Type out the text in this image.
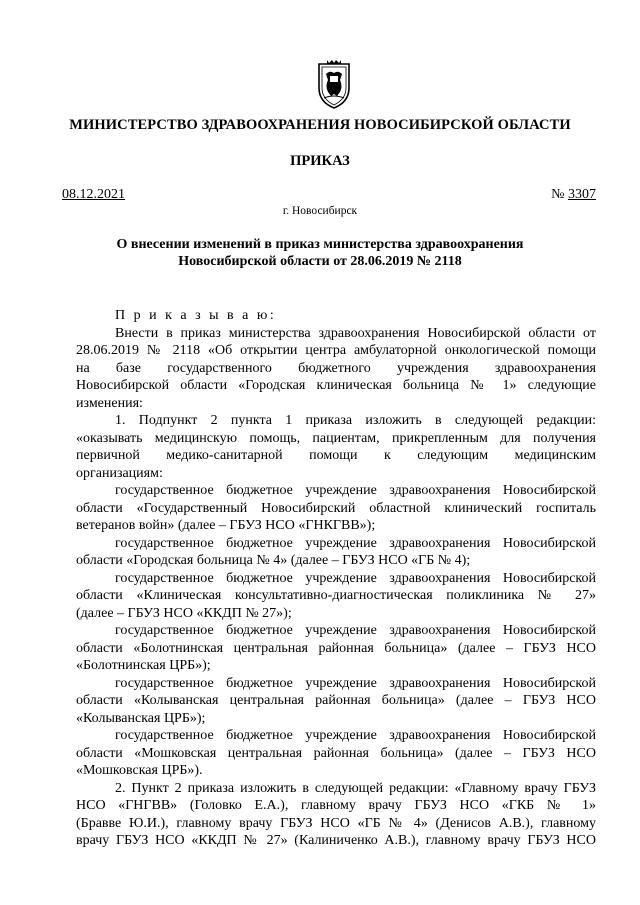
МИНИСТЕРСТВО ЗДРАВООХРАНЕНИЯ НОВОСИБИРСКОЙ ОБЛАСТИ
ПРИКАЗ
08.12.2021	№ 3307
г. Новосибирск
О внесении изменений в приказ министерства здравоохранения
Новосибирской области от 28.06.2019 № 2118
П р и к а з ы в а ю:
Внести в приказ министерства здравоохранения Новосибирской области от
28.06.2019 № 2118 «Об открытии центра амбулаторной онкологической помощи
на базе государственного бюджетного учреждения здравоохранения
Новосибирской области «Городская клиническая больница № 1» следующие
изменения:
1. Подпункт 2 пункта 1 приказа изложить в следующей редакции:
«оказывать медицинскую помощь, пациентам, прикрепленным для получения
первичной медико-санитарной помощи к следующим медицинским
организациям:
государственное бюджетное учреждение здравоохранения Новосибирской
области «Государственный Новосибирский областной клинический госпиталь
ветеранов войн» (далее – ГБУЗ НСО «ГНКГВВ»);
государственное бюджетное учреждение здравоохранения Новосибирской
области «Городская больница № 4» (далее – ГБУЗ НСО «ГБ № 4);
государственное бюджетное учреждение здравоохранения Новосибирской
области «Клиническая консультативно-диагностическая поликлиника № 27»
(далее – ГБУЗ НСО «ККДП № 27»);
государственное бюджетное учреждение здравоохранения Новосибирской
области «Болотнинская центральная районная больница» (далее – ГБУЗ НСО
«Болотнинская ЦРБ»);
государственное бюджетное учреждение здравоохранения Новосибирской
области «Колыванская центральная районная больница» (далее – ГБУЗ НСО
«Колыванская ЦРБ»);
государственное бюджетное учреждение здравоохранения Новосибирской
области «Мошковская центральная районная больница» (далее – ГБУЗ НСО
«Мошковская ЦРБ»).
2. Пункт 2 приказа изложить в следующей редакции: «Главному врачу ГБУЗ
НСО «ГНГВВ» (Головко Е.А.), главному врачу ГБУЗ НСО «ГКБ № 1»
(Бравве Ю.И.), главному врачу ГБУЗ НСО «ГБ № 4» (Денисов А.В.), главному
врачу ГБУЗ НСО «ККДП № 27» (Калиниченко А.В.), главному врачу ГБУЗ НСО
